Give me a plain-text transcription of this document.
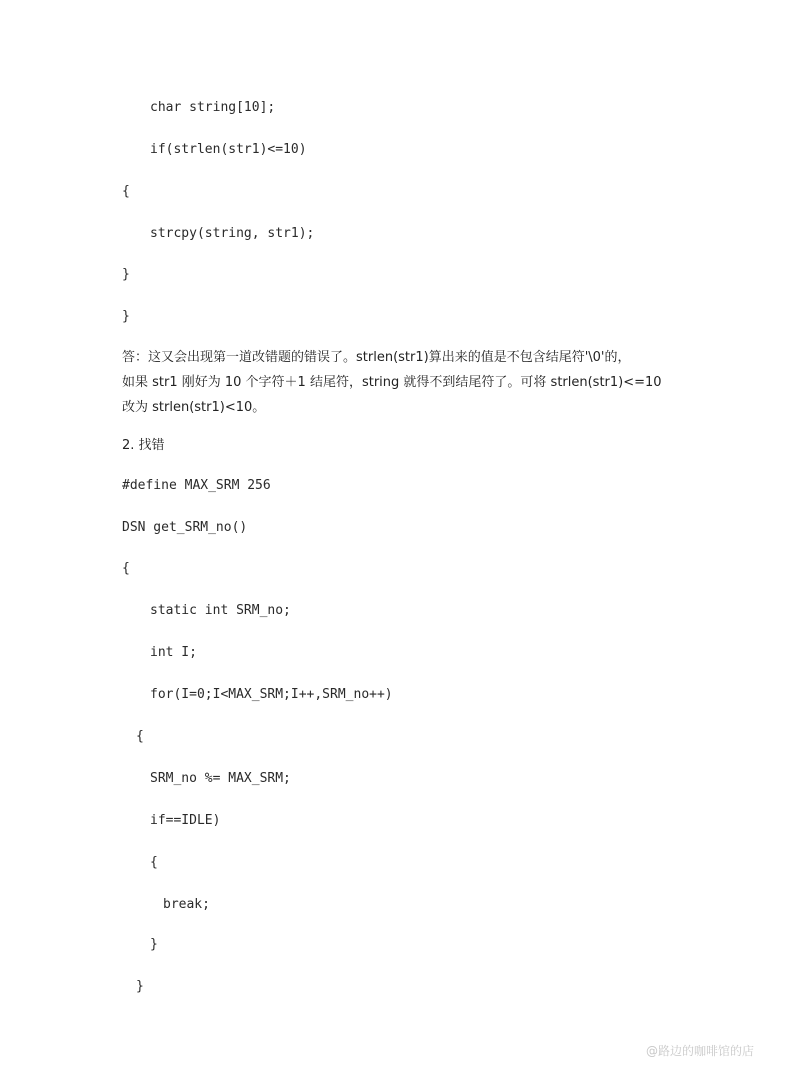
char string[10];
if(strlen(str1)<=10)
{
strcpy(string, str1);
}
}

答：这又会出现第一道改错题的错误了。strlen(str1)算出来的值是不包含结尾符'\0'的，

如果 str1 刚好为 10 个字符＋1 结尾符，string 就得不到结尾符了。可将 strlen(str1)<=10

改为 strlen(str1)<10。

2. 找错
#define MAX_SRM 256
DSN get_SRM_no()
{
static int SRM_no;
int I;
for(I=0;I<MAX_SRM;I++,SRM_no++)
{
SRM_no %= MAX_SRM;
if==IDLE)
{
break;
}
}
@路边的咖啡馆的店
